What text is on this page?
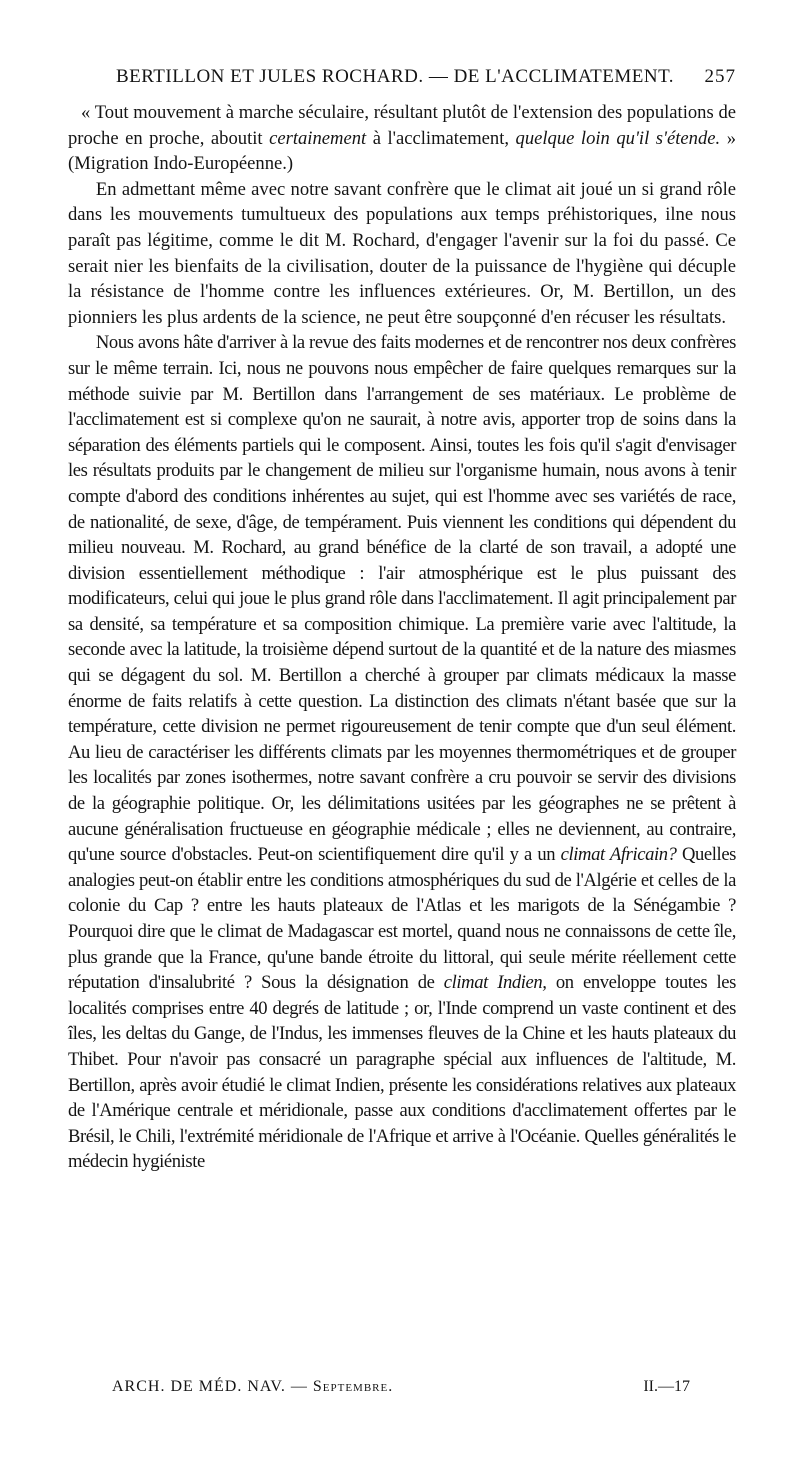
BERTILLON ET JULES ROCHARD. — DE L'ACCLIMATEMENT. 257

« Tout mouvement à marche séculaire, résultant plutôt de l'extension des populations de proche en proche, aboutit certainement à l'acclimatement, quelque loin qu'il s'étende. » (Migration Indo-Européenne.)

En admettant même avec notre savant confrère que le climat ait joué un si grand rôle dans les mouvements tumultueux des populations aux temps préhistoriques, ilne nous paraît pas légitime, comme le dit M. Rochard, d'engager l'avenir sur la foi du passé. Ce serait nier les bienfaits de la civilisation, douter de la puissance de l'hygiène qui décuple la résistance de l'homme contre les influences extérieures. Or, M. Bertillon, un des pionniers les plus ardents de la science, ne peut être soupçonné d'en récuser les résultats.

Nous avons hâte d'arriver à la revue des faits modernes et de rencontrer nos deux confrères sur le même terrain. Ici, nous ne pouvons nous empêcher de faire quelques remarques sur la méthode suivie par M. Bertillon dans l'arrangement de ses matériaux. Le problème de l'acclimatement est si complexe qu'on ne saurait, à notre avis, apporter trop de soins dans la séparation des éléments partiels qui le composent. Ainsi, toutes les fois qu'il s'agit d'envisager les résultats produits par le changement de milieu sur l'organisme humain, nous avons à tenir compte d'abord des conditions inhérentes au sujet, qui est l'homme avec ses variétés de race, de nationalité, de sexe, d'âge, de tempérament. Puis viennent les conditions qui dépendent du milieu nouveau. M. Rochard, au grand bénéfice de la clarté de son travail, a adopté une division essentiellement méthodique : l'air atmosphérique est le plus puissant des modificateurs, celui qui joue le plus grand rôle dans l'acclimatement. Il agit principalement par sa densité, sa température et sa composition chimique. La première varie avec l'altitude, la seconde avec la latitude, la troisième dépend surtout de la quantité et de la nature des miasmes qui se dégagent du sol. M. Bertillon a cherché à grouper par climats médicaux la masse énorme de faits relatifs à cette question. La distinction des climats n'étant basée que sur la température, cette division ne permet rigoureusement de tenir compte que d'un seul élément. Au lieu de caractériser les différents climats par les moyennes thermométriques et de grouper les localités par zones isothermes, notre savant confrère a cru pouvoir se servir des divisions de la géographie politique. Or, les délimitations usitées par les géographes ne se prêtent à aucune généralisation fructueuse en géographie médicale ; elles ne deviennent, au contraire, qu'une source d'obstacles. Peut-on scientifiquement dire qu'il y a un climat Africain? Quelles analogies peut-on établir entre les conditions atmosphériques du sud de l'Algérie et celles de la colonie du Cap ? entre les hauts plateaux de l'Atlas et les marigots de la Sénégambie ? Pourquoi dire que le climat de Madagascar est mortel, quand nous ne connaissons de cette île, plus grande que la France, qu'une bande étroite du littoral, qui seule mérite réellement cette réputation d'insalubrité ? Sous la désignation de climat Indien, on enveloppe toutes les localités comprises entre 40 degrés de latitude ; or, l'Inde comprend un vaste continent et des îles, les deltas du Gange, de l'Indus, les immenses fleuves de la Chine et les hauts plateaux du Thibet. Pour n'avoir pas consacré un paragraphe spécial aux influences de l'altitude, M. Bertillon, après avoir étudié le climat Indien, présente les considérations relatives aux plateaux de l'Amérique centrale et méridionale, passe aux conditions d'acclimatement offertes par le Brésil, le Chili, l'extrémité méridionale de l'Afrique et arrive à l'Océanie. Quelles généralités le médecin hygiéniste

ARCH. DE MÉD. NAV. — Septembre.	II.—17
